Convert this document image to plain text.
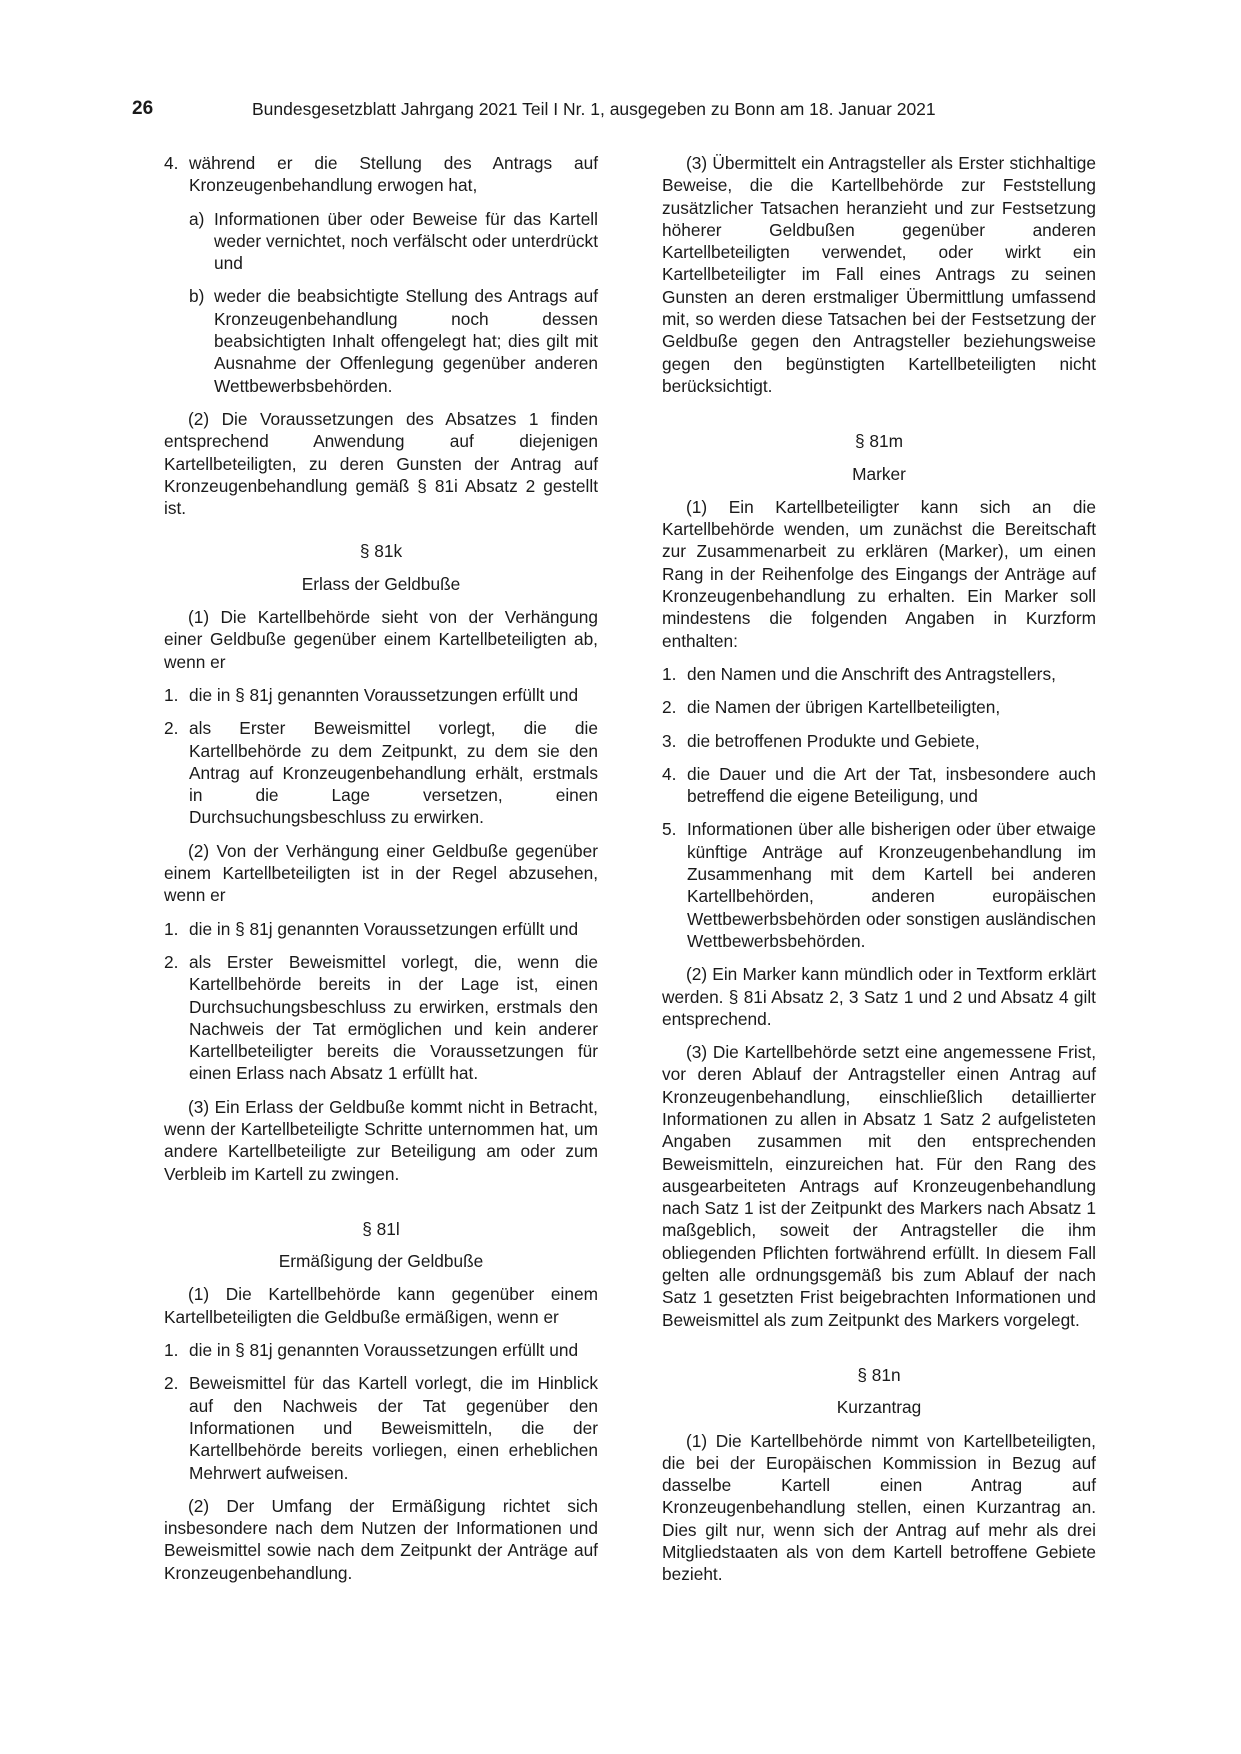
26	Bundesgesetzblatt Jahrgang 2021 Teil I Nr. 1, ausgegeben zu Bonn am 18. Januar 2021
4. während er die Stellung des Antrags auf Kronzeugenbehandlung erwogen hat,
a) Informationen über oder Beweise für das Kartell weder vernichtet, noch verfälscht oder unterdrückt und
b) weder die beabsichtigte Stellung des Antrags auf Kronzeugenbehandlung noch dessen beabsichtigten Inhalt offengelegt hat; dies gilt mit Ausnahme der Offenlegung gegenüber anderen Wettbewerbsbehörden.

(2) Die Voraussetzungen des Absatzes 1 finden entsprechend Anwendung auf diejenigen Kartellbeteiligten, zu deren Gunsten der Antrag auf Kronzeugenbehandlung gemäß § 81i Absatz 2 gestellt ist.

§ 81k
Erlass der Geldbuße

(1) Die Kartellbehörde sieht von der Verhängung einer Geldbuße gegenüber einem Kartellbeteiligten ab, wenn er

1. die in § 81j genannten Voraussetzungen erfüllt und
2. als Erster Beweismittel vorlegt, die die Kartellbehörde zu dem Zeitpunkt, zu dem sie den Antrag auf Kronzeugenbehandlung erhält, erstmals in die Lage versetzen, einen Durchsuchungsbeschluss zu erwirken.

(2) Von der Verhängung einer Geldbuße gegenüber einem Kartellbeteiligten ist in der Regel abzusehen, wenn er

1. die in § 81j genannten Voraussetzungen erfüllt und
2. als Erster Beweismittel vorlegt, die, wenn die Kartellbehörde bereits in der Lage ist, einen Durchsuchungsbeschluss zu erwirken, erstmals den Nachweis der Tat ermöglichen und kein anderer Kartellbeteiligter bereits die Voraussetzungen für einen Erlass nach Absatz 1 erfüllt hat.

(3) Ein Erlass der Geldbuße kommt nicht in Betracht, wenn der Kartellbeteiligte Schritte unternommen hat, um andere Kartellbeteiligte zur Beteiligung am oder zum Verbleib im Kartell zu zwingen.

§ 81l
Ermäßigung der Geldbuße

(1) Die Kartellbehörde kann gegenüber einem Kartellbeteiligten die Geldbuße ermäßigen, wenn er

1. die in § 81j genannten Voraussetzungen erfüllt und
2. Beweismittel für das Kartell vorlegt, die im Hinblick auf den Nachweis der Tat gegenüber den Informationen und Beweismitteln, die der Kartellbehörde bereits vorliegen, einen erheblichen Mehrwert aufweisen.

(2) Der Umfang der Ermäßigung richtet sich insbesondere nach dem Nutzen der Informationen und Beweismittel sowie nach dem Zeitpunkt der Anträge auf Kronzeugenbehandlung.

(3) Übermittelt ein Antragsteller als Erster stichhaltige Beweise, die die Kartellbehörde zur Feststellung zusätzlicher Tatsachen heranzieht und zur Festsetzung höherer Geldbußen gegenüber anderen Kartellbeteiligten verwendet, oder wirkt ein Kartellbeteiligter im Fall eines Antrags zu seinen Gunsten an deren erstmaliger Übermittlung umfassend mit, so werden diese Tatsachen bei der Festsetzung der Geldbuße gegen den Antragsteller beziehungsweise gegen den begünstigten Kartellbeteiligten nicht berücksichtigt.

§ 81m
Marker

(1) Ein Kartellbeteiligter kann sich an die Kartellbehörde wenden, um zunächst die Bereitschaft zur Zusammenarbeit zu erklären (Marker), um einen Rang in der Reihenfolge des Eingangs der Anträge auf Kronzeugenbehandlung zu erhalten. Ein Marker soll mindestens die folgenden Angaben in Kurzform enthalten:

1. den Namen und die Anschrift des Antragstellers,
2. die Namen der übrigen Kartellbeteiligten,
3. die betroffenen Produkte und Gebiete,
4. die Dauer und die Art der Tat, insbesondere auch betreffend die eigene Beteiligung, und
5. Informationen über alle bisherigen oder über etwaige künftige Anträge auf Kronzeugenbehandlung im Zusammenhang mit dem Kartell bei anderen Kartellbehörden, anderen europäischen Wettbewerbsbehörden oder sonstigen ausländischen Wettbewerbsbehörden.

(2) Ein Marker kann mündlich oder in Textform erklärt werden. § 81i Absatz 2, 3 Satz 1 und 2 und Absatz 4 gilt entsprechend.

(3) Die Kartellbehörde setzt eine angemessene Frist, vor deren Ablauf der Antragsteller einen Antrag auf Kronzeugenbehandlung, einschließlich detaillierter Informationen zu allen in Absatz 1 Satz 2 aufgelisteten Angaben zusammen mit den entsprechenden Beweismitteln, einzureichen hat. Für den Rang des ausgearbeiteten Antrags auf Kronzeugenbehandlung nach Satz 1 ist der Zeitpunkt des Markers nach Absatz 1 maßgeblich, soweit der Antragsteller die ihm obliegenden Pflichten fortwährend erfüllt. In diesem Fall gelten alle ordnungsgemäß bis zum Ablauf der nach Satz 1 gesetzten Frist beigebrachten Informationen und Beweismittel als zum Zeitpunkt des Markers vorgelegt.

§ 81n
Kurzantrag

(1) Die Kartellbehörde nimmt von Kartellbeteiligten, die bei der Europäischen Kommission in Bezug auf dasselbe Kartell einen Antrag auf Kronzeugenbehandlung stellen, einen Kurzantrag an. Dies gilt nur, wenn sich der Antrag auf mehr als drei Mitgliedstaaten als von dem Kartell betroffene Gebiete bezieht.
